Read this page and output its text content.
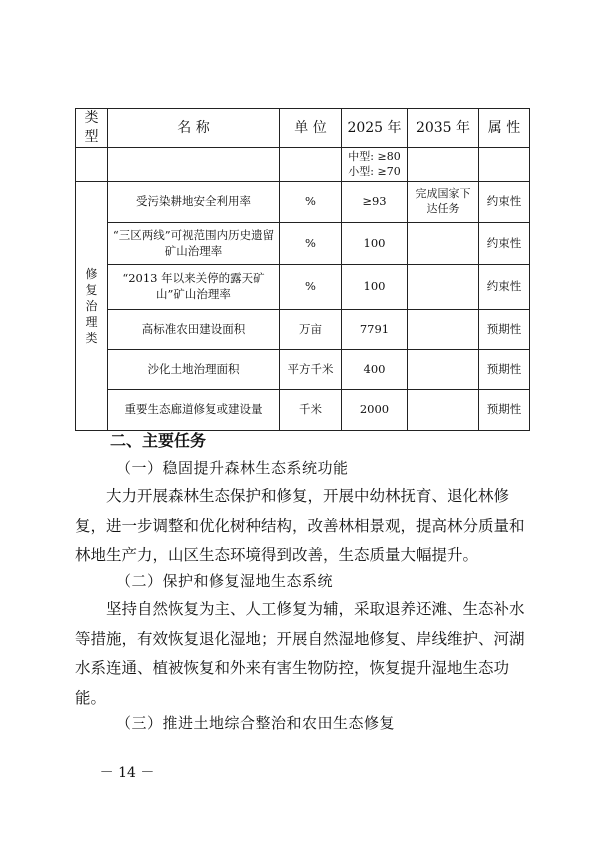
类型	名 称	单 位	2025 年	2035 年	属 性

			中型: ≥80
小型: ≥70		

修
复
治
理
类	受污染耕地安全利用率	%	≥93	完成国家下达任务	约束性
	“三区两线”可视范围内历史遗留矿山治理率	%	100		约束性
	“2013 年以来关停的露天矿山”矿山治理率	%	100		约束性
	高标准农田建设面积	万亩	7791		预期性
	沙化土地治理面积	平方千米	400		预期性
	重要生态廊道修复或建设量	千米	2000		预期性
二、主要任务

（一）稳固提升森林生态系统功能

大力开展森林生态保护和修复，开展中幼林抚育、退化林修复，进一步调整和优化树种结构，改善林相景观，提高林分质量和林地生产力，山区生态环境得到改善，生态质量大幅提升。

（二）保护和修复湿地生态系统

坚持自然恢复为主、人工修复为辅，采取退养还滩、生态补水等措施，有效恢复退化湿地；开展自然湿地修复、岸线维护、河湖水系连通、植被恢复和外来有害生物防控，恢复提升湿地生态功能。

（三）推进土地综合整治和农田生态修复

－ 14 －
